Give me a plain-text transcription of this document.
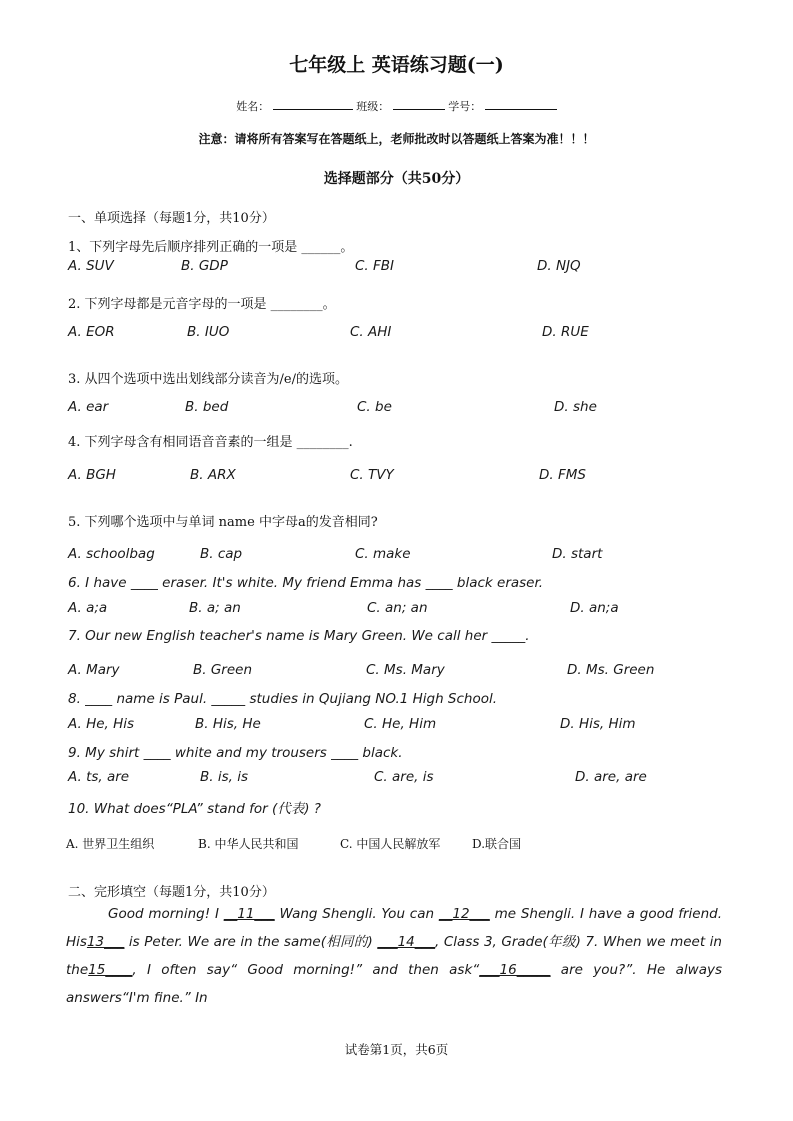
七年级上 英语练习题(一)
姓名：	班级：	学号：
注意：请将所有答案写在答题纸上，老师批改时以答题纸上答案为准！！！
选择题部分（共50分）
一、单项选择（每题1分，共10分）
1、下列字母先后顺序排列正确的一项是 ______。
A. SUV	B. GDP	C. FBI	D. NJQ
2. 下列字母都是元音字母的一项是 ________。
A. EOR	B. IUO	C. AHI	D. RUE
3. 从四个选项中选出划线部分读音为/e/的选项。
A. ear	B. bed	C. be	D. she
4. 下列字母含有相同语音音素的一组是 ________.
A. BGH	B. ARX	C. TVY	D. FMS
5. 下列哪个选项中与单词 name 中字母a的发音相同?
A. schoolbag	B. cap	C. make	D. start
6. I have ____ eraser. It's white. My friend Emma has ____ black eraser.
A. a;a	B. a; an	C. an; an	D. an;a
7. Our new English teacher's name is Mary Green. We call her _____.
A. Mary	B. Green	C. Ms. Mary	D. Ms. Green
8. ____ name is Paul. _____ studies in Qujiang NO.1 High School.
A. He, His	B. His, He	C. He, Him	D. His, Him
9. My shirt ____ white and my trousers ____ black.
A. ts, are	B. is, is	C. are, is	D. are, are
10. What does“PLA” stand for (代表) ?
A. 世界卫生组织	B. 中华人民共和国	C. 中国人民解放军	D.联合国
二、完形填空（每题1分，共10分）
Good morning! I __11___ Wang Shengli. You can __12___ me Shengli. I have a good friend. His13___ is Peter. We are in the same(相同的) ___14___, Class 3, Grade(年级) 7. When we meet in the15____, I often say“ Good morning!” and then ask“___16_____ are you?”. He always answers“I'm fine.” In
试卷第1页，共6页
